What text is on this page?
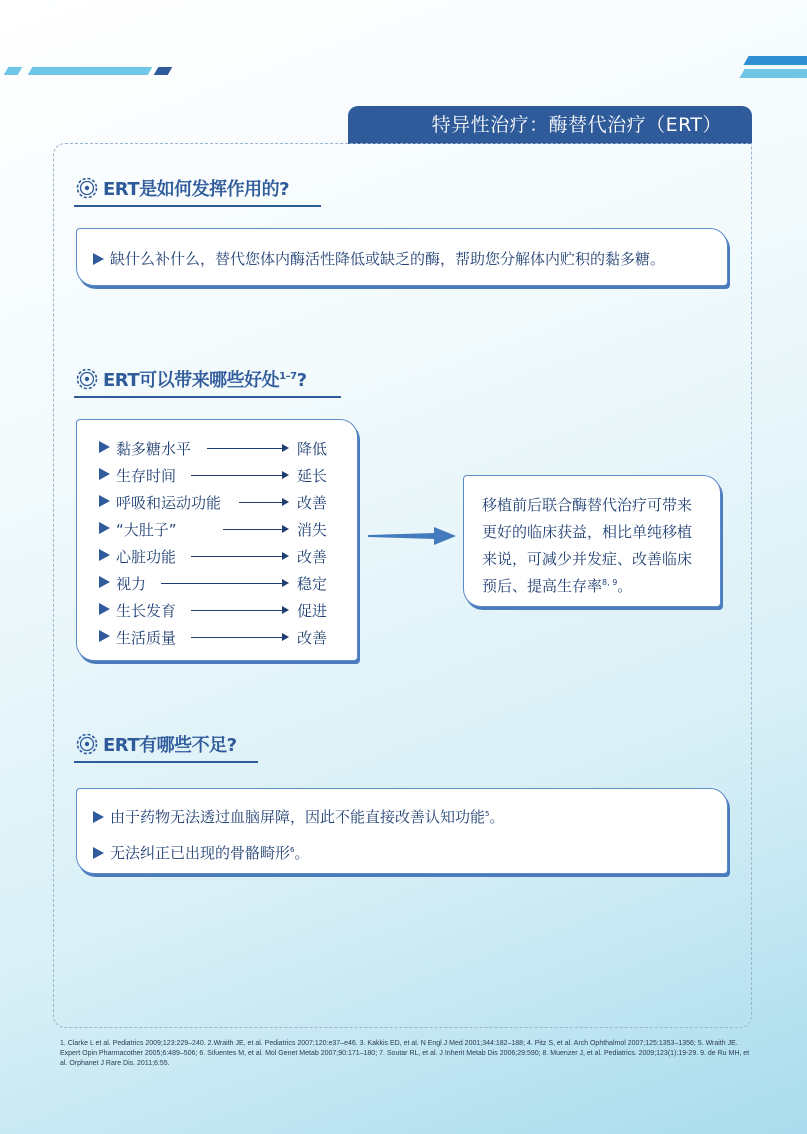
特异性治疗：酶替代治疗（ERT）
ERT是如何发挥作用的?
缺什么补什么，替代您体内酶活性降低或缺乏的酶，帮助您分解体内贮积的黏多糖。
ERT可以带来哪些好处$^{1-7}$?
黏多糖水平	降低
生存时间	延长
呼吸和运动功能	改善
“大肚子”	消失
心脏功能	改善
视力	稳定
生长发育	促进
生活质量	改善
移植前后联合酶替代治疗可带来
更好的临床获益，相比单纯移植
来说，可减少并发症、改善临床
预后、提高生存率$^{8, 9}$。
ERT有哪些不足?
由于药物无法透过血脑屏障，因此不能直接改善认知功能$^5$。
无法纠正已出现的骨骼畸形$^6$。
1. Clarke L et al. Pediatrics 2009;123:229–240. 2.Wraith JE, et al. Pediatrics 2007;120:e37–e46. 3. Kakkis ED, et al. N Engl J Med 2001;344:182–188; 4. Pitz S, et al. Arch Ophthalmol 2007;125:1353–1356; 5. Wraith JE. Expert Opin Pharmacother 2005;6:489–506; 6. Sifuentes M, et al. Mol Genet Metab 2007;90:171–180; 7. Soutar RL, et al. J Inherit Metab Dis 2006;29:590; 8. Muenzer J, et al. Pediatrics. 2009;123(1):19-29. 9. de Ru MH, et al. Orphanet J Rare Dis. 2011;6:55.
